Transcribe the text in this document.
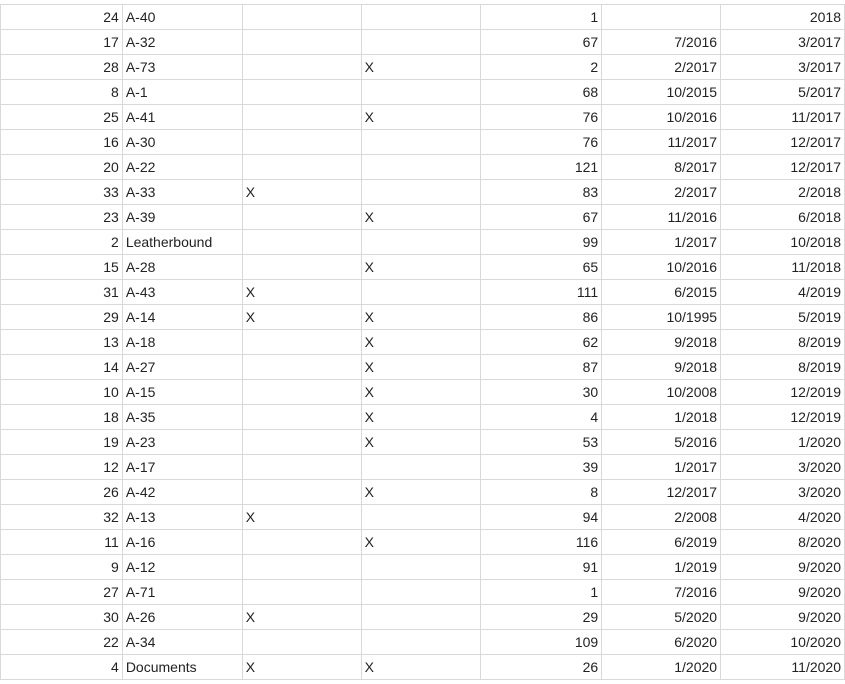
24	A-40			1		2018
17	A-32			67	7/2016	3/2017
28	A-73		X	2	2/2017	3/2017
8	A-1			68	10/2015	5/2017
25	A-41		X	76	10/2016	11/2017
16	A-30			76	11/2017	12/2017
20	A-22			121	8/2017	12/2017
33	A-33	X		83	2/2017	2/2018
23	A-39		X	67	11/2016	6/2018
2	Leatherbound			99	1/2017	10/2018
15	A-28		X	65	10/2016	11/2018
31	A-43	X		111	6/2015	4/2019
29	A-14	X	X	86	10/1995	5/2019
13	A-18		X	62	9/2018	8/2019
14	A-27		X	87	9/2018	8/2019
10	A-15		X	30	10/2008	12/2019
18	A-35		X	4	1/2018	12/2019
19	A-23		X	53	5/2016	1/2020
12	A-17			39	1/2017	3/2020
26	A-42		X	8	12/2017	3/2020
32	A-13	X		94	2/2008	4/2020
11	A-16		X	116	6/2019	8/2020
9	A-12			91	1/2019	9/2020
27	A-71			1	7/2016	9/2020
30	A-26	X		29	5/2020	9/2020
22	A-34			109	6/2020	10/2020
4	Documents	X	X	26	1/2020	11/2020
